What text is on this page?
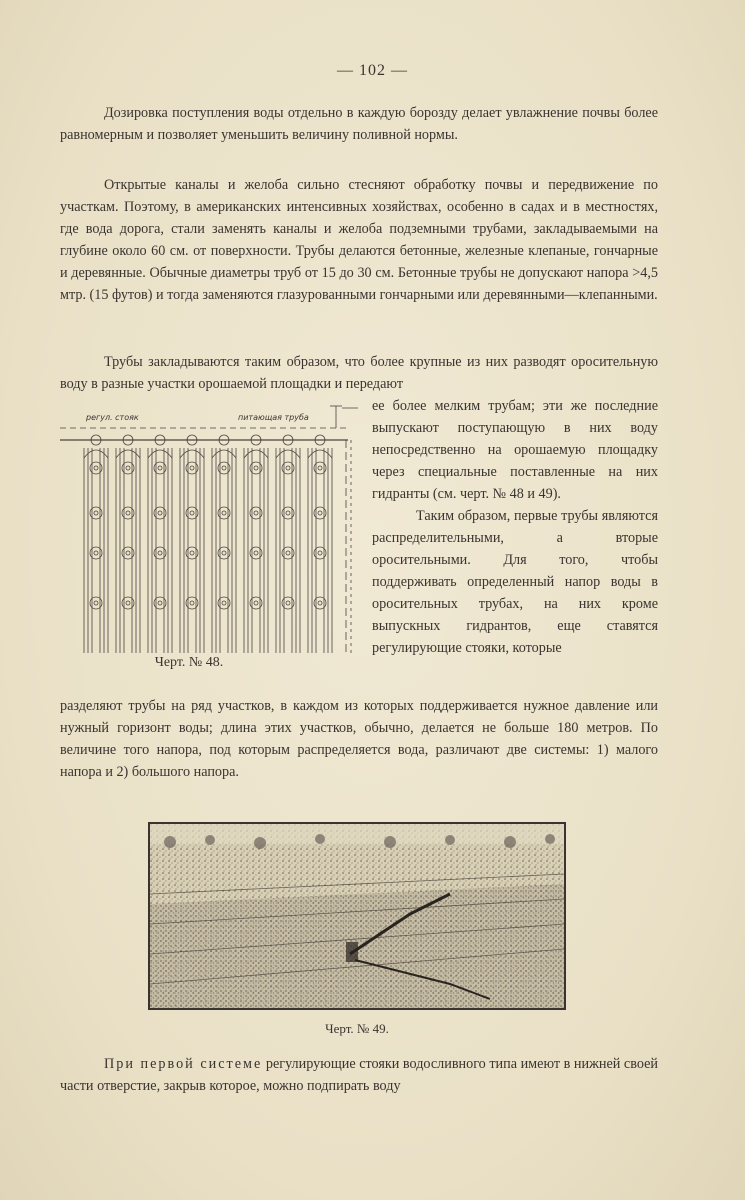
— 102 —

Дозировка поступления воды отдельно в каждую борозду делает увлажнение почвы более равномерным и позволяет уменьшить величину поливной нормы.

Открытые каналы и желоба сильно стесняют обработку почвы и передвижение по участкам. Поэтому, в американских интенсивных хозяйствах, особенно в садах и в местностях, где вода дорога, стали заменять каналы и желоба подземными трубами, закладываемыми на глубине около 60 см. от поверхности. Трубы делаются бетонные, железные клепаные, гончарные и деревянные. Обычные диаметры труб от 15 до 30 см. Бетонные трубы не допускают напора >4,5 мтр. (15 футов) и тогда заменяются глазурованными гончарными или деревянными—клепанными.

Трубы закладываются таким образом, что более крупные из них разводят оросительную воду в разные участки орошаемой площадки и передают

ее более мелким трубам; эти же последние выпускают поступающую в них воду непосредственно на орошаемую площадку через специальные поставленные на них гидранты (см. черт. № 48 и 49).
Таким образом, первые трубы являются распределительными, а вторые оросительными. Для того, чтобы поддерживать определенный напор воды в оросительных трубах, на них кроме выпускных гидрантов, еще ставятся регулирующие стояки, которые
регул. стояк	питающая труба
Черт. № 48.

разделяют трубы на ряд участков, в каждом из которых поддерживается нужное давление или нужный горизонт воды; длина этих участков, обычно, делается не больше 180 метров. По величине того напора, под которым распределяется вода, различают две системы: 1) малого напора и 2) большого напора.

Черт. № 49.

При первой системе регулирующие стояки водосливного типа имеют в нижней своей части отверстие, закрыв которое, можно подпирать воду
